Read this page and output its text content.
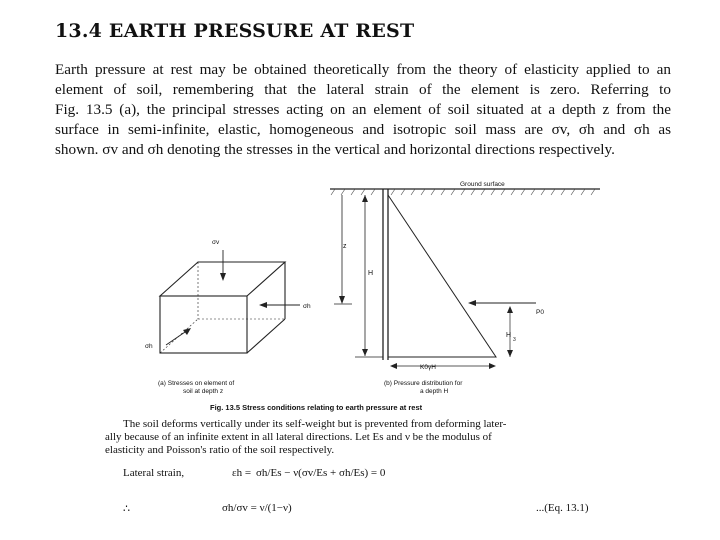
13.4 EARTH PRESSURE AT REST
Earth pressure at rest may be obtained theoretically from the theory of elasticity applied to an
element of soil, remembering that the lateral strain of the element is zero. Referring to
Fig. 13.5 (a), the principal stresses acting on an element of soil situated at a depth z from the
surface in semi-infinite, elastic, homogeneous and isotropic soil mass are σv, σh and σh as
shown. σv and σh denoting the stresses in the vertical and horizontal directions respectively.
Ground surface
z
H
K0γH
P0
H
3
σv
σh
σh
(a) Stresses on element of
soil at depth z
(b) Pressure distribution for
a depth H
Fig. 13.5 Stress conditions relating to earth pressure at rest
The soil deforms vertically under its self-weight but is prevented from deforming later-
ally because of an infinite extent in all lateral directions. Let Es and ν be the modulus of
elasticity and Poisson's ratio of the soil respectively.
Lateral strain,	εh = σh/Es − ν(σv/Es + σh/Es) = 0
∴	σh/σv = ν/(1−ν)	...(Eq. 13.1)
